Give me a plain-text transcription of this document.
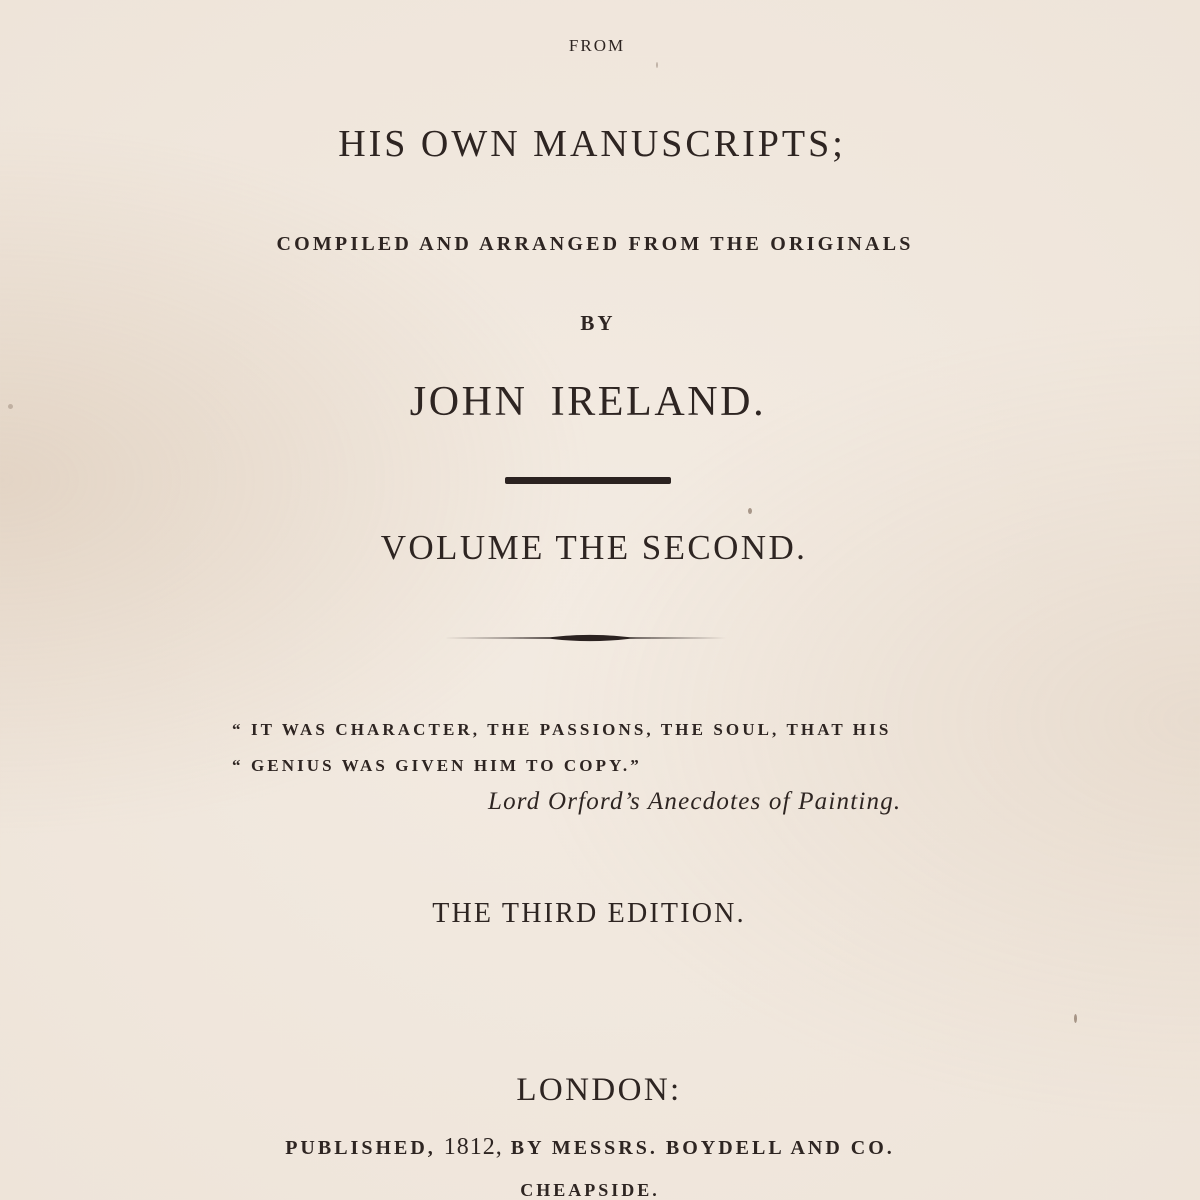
FROM
HIS OWN MANUSCRIPTS;
COMPILED AND ARRANGED FROM THE ORIGINALS
BY
JOHN IRELAND.
VOLUME THE SECOND.
“ IT WAS CHARACTER, THE PASSIONS, THE SOUL, THAT HIS
“ GENIUS WAS GIVEN HIM TO COPY.”
Lord Orford’s Anecdotes of Painting.
THE THIRD EDITION.
LONDON:
PUBLISHED, 1812, BY MESSRS. BOYDELL AND CO.
CHEAPSIDE.
